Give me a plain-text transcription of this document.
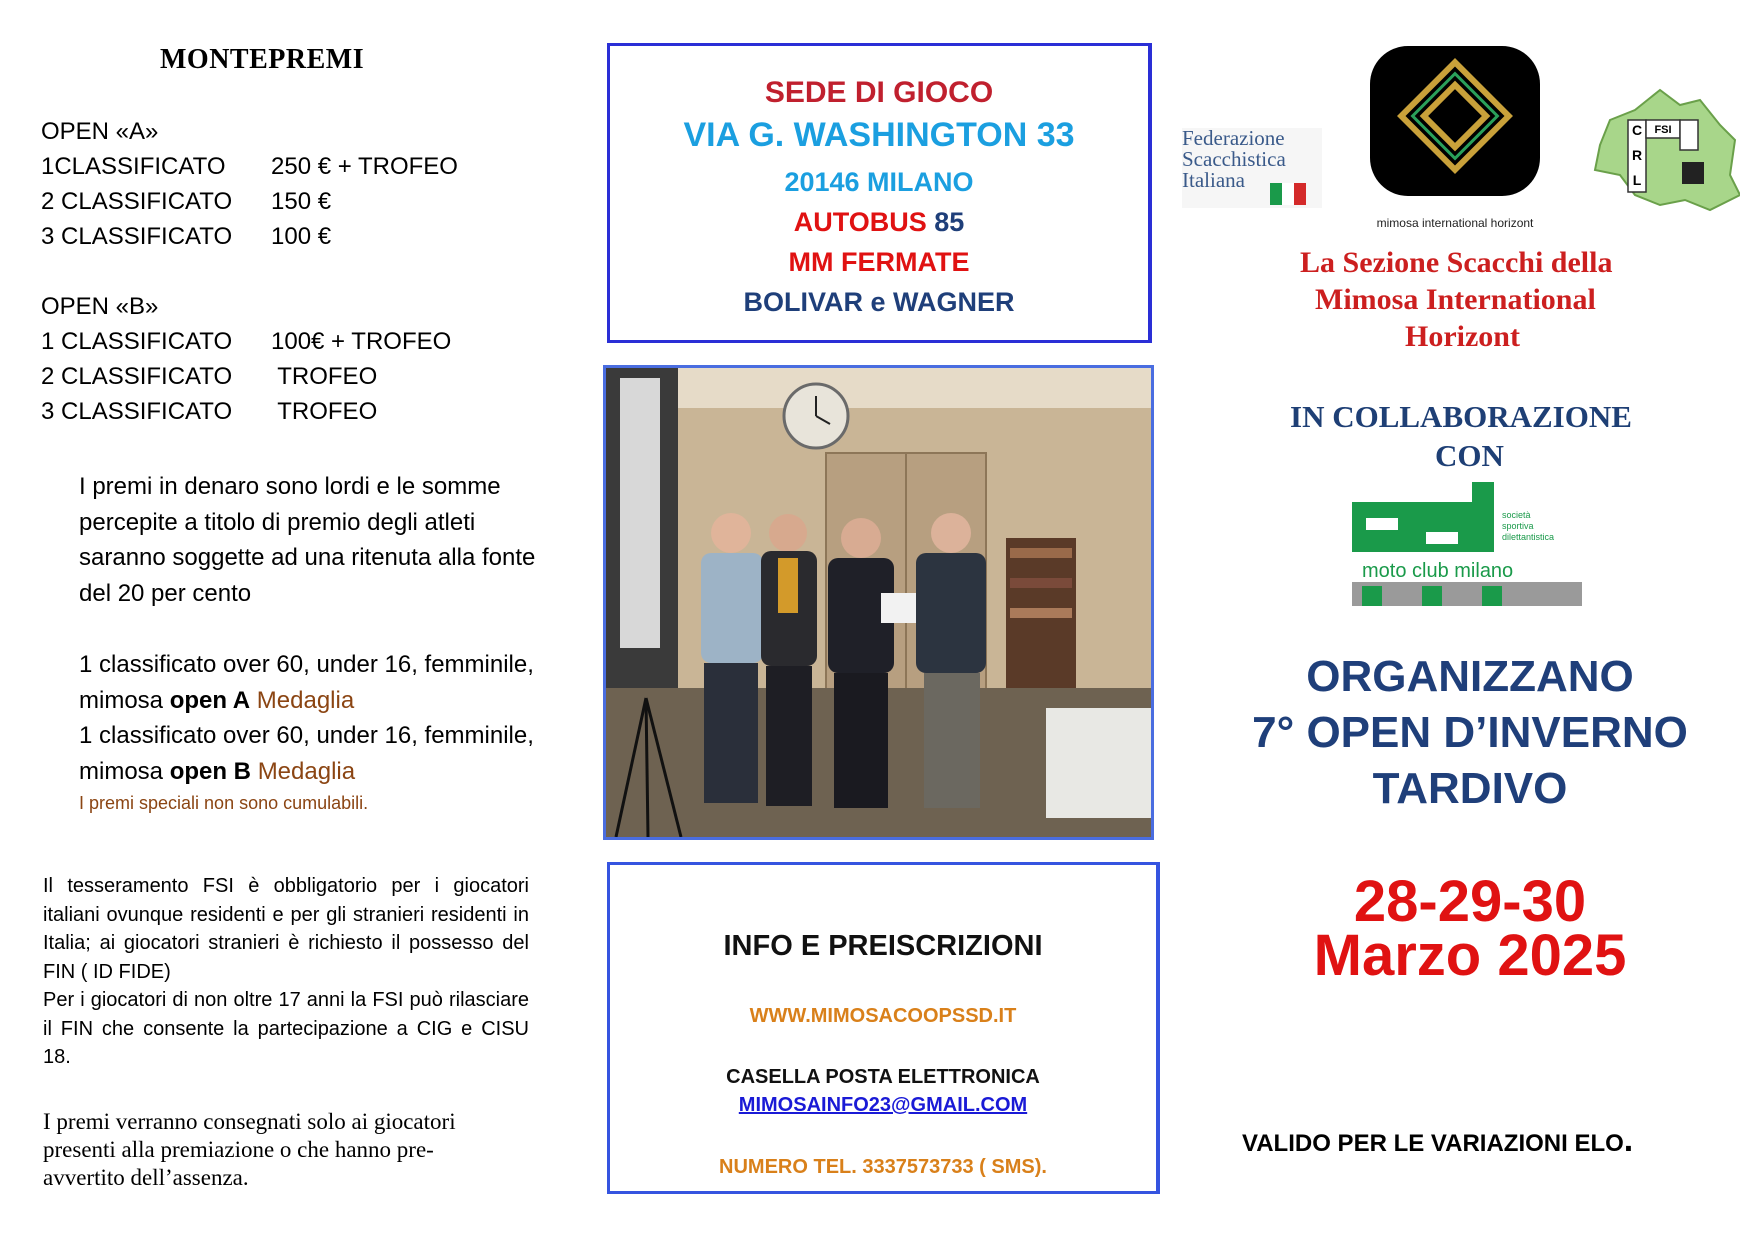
MONTEPREMI
OPEN «A»
1CLASSIFICATO 250 € + TROFEO
2 CLASSIFICATO 150 €
3 CLASSIFICATO 100 €
OPEN «B»
1 CLASSIFICATO 100€ + TROFEO
2 CLASSIFICATO TROFEO
3 CLASSIFICATO TROFEO
I premi in denaro sono lordi e le somme percepite a titolo di premio degli atleti saranno soggette ad una ritenuta alla fonte del 20 per cento
1 classificato over 60, under 16, femminile, mimosa open A Medaglia
1 classificato over 60, under 16, femminile, mimosa open B Medaglia
I premi speciali non sono cumulabili.
Il tesseramento FSI è obbligatorio per i giocatori italiani ovunque residenti e per gli stranieri residenti in Italia; ai giocatori stranieri è richiesto il possesso del FIN ( ID FIDE)
Per i giocatori di non oltre 17 anni la FSI può rilasciare il FIN che consente la partecipazione a CIG e CISU 18.
I premi verranno consegnati solo ai giocatori presenti alla premiazione o che hanno pre-avvertito dell’assenza.
SEDE DI GIOCO
VIA G. WASHINGTON 33
20146 MILANO
AUTOBUS 85
MM FERMATE
BOLIVAR e WAGNER
INFO E PREISCRIZIONI
WWW.MIMOSACOOPSSD.IT
CASELLA POSTA ELETTRONICA
MIMOSAINFO23@GMAIL.COM
NUMERO TEL. 3337573733 ( SMS).
Federazione
Scacchistica
Italiana
mimosa international horizont
C
R
L
FSI
La Sezione Scacchi della
Mimosa International
Horizont
IN COLLABORAZIONE
CON
società
sportiva
dilettantistica
moto club milano
ORGANIZZANO
7° OPEN D’INVERNO
TARDIVO
28-29-30
Marzo 2025
VALIDO PER LE VARIAZIONI ELO.
